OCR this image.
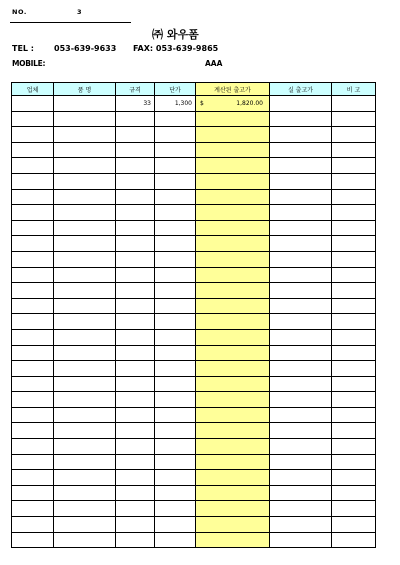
NO.	3
㈜ 와우폼
TEL : 053-639-9633	FAX: 053-639-9865
MOBILE:	AAA
업체	품 명	규격	단가	계산된 출고가	실 출고가	비 고
		33	1,300	$ 1,820.00		
